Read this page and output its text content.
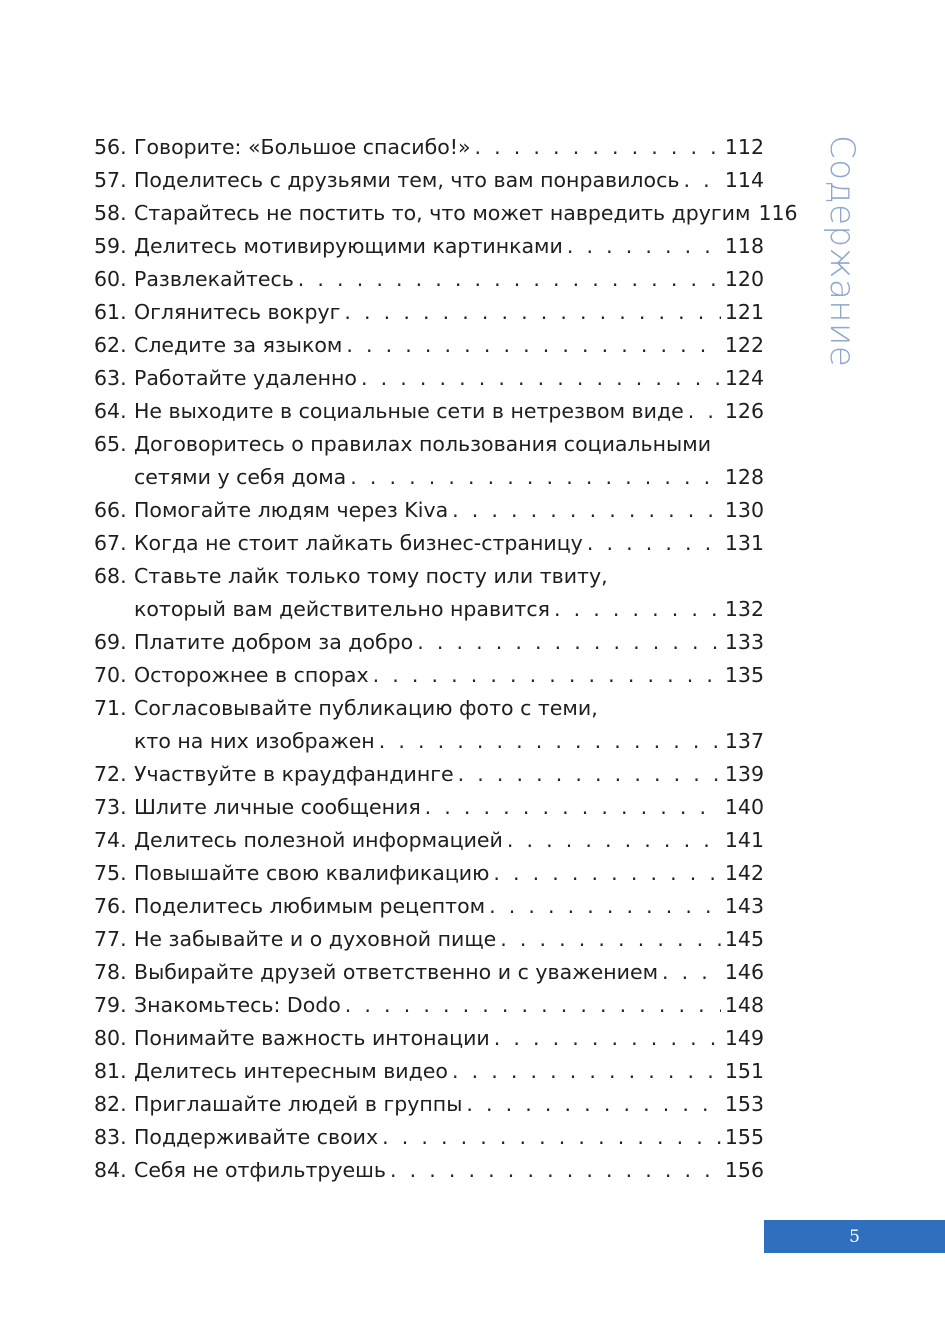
56. Говорите: «Большое спасибо!» . . .	112
57. Поделитесь с друзьями тем, что вам понравилось . . . 114
58. Старайтесь не постить то, что может навредить другим 116
59. Делитесь мотивирующими картинками . . .	118
60. Развлекайтесь . . .	120
61. Оглянитесь вокруг . . .	121
62. Следите за языком . . .	122
63. Работайте удаленно . . .	124
64. Не выходите в социальные сети в нетрезвом виде . . . 126
65. Договоритесь о правилах пользования социальными
сетями у себя дома . . .	128
66. Помогайте людям через Kiva . . .	130
67. Когда не стоит лайкать бизнес-страницу . . .	131
68. Ставьте лайк только тому посту или твиту,
который вам действительно нравится . . .	132
69. Платите добром за добро . . .	133
70. Осторожнее в спорах . . .	135
71. Согласовывайте публикацию фото с теми,
кто на них изображен . . .	137
72. Участвуйте в краудфандинге . . .	139
73. Шлите личные сообщения . . .	140
74. Делитесь полезной информацией . . .	141
75. Повышайте свою квалификацию . . .	142
76. Поделитесь любимым рецептом . . .	143
77. Не забывайте и о духовной пище . . .	145
78. Выбирайте друзей ответственно и с уважением . . .	146
79. Знакомьтесь: Dodo . . .	148
80. Понимайте важность интонации . . .	149
81. Делитесь интересным видео . . .	151
82. Приглашайте людей в группы . . .	153
83. Поддерживайте своих . . .	155
84. Себя не отфильтруешь . . .	156
Содержание
5
